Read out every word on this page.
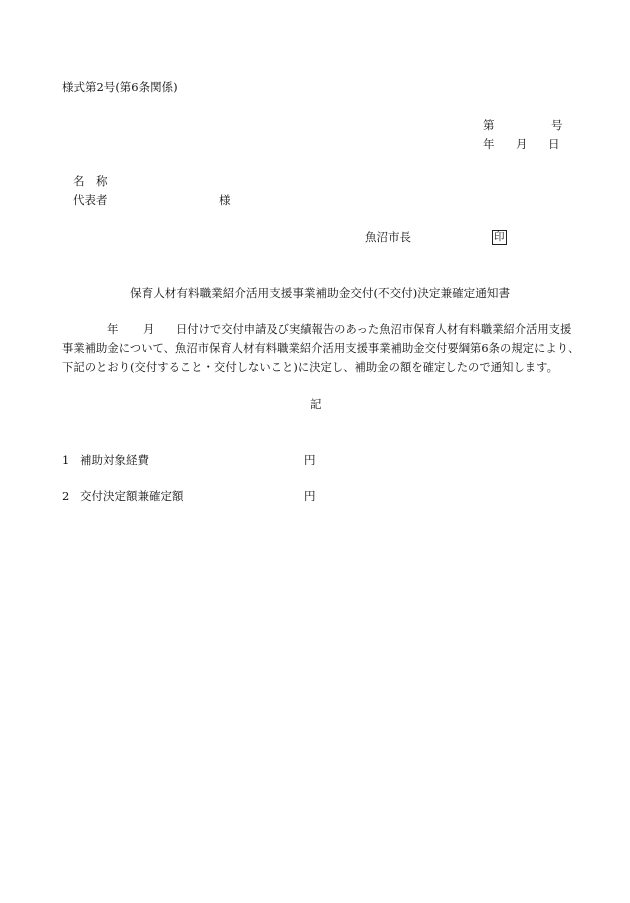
様式第2号(第6条関係)
第	号
年 月 日
名　称
代表者	様
魚沼市長	印
保育人材有料職業紹介活用支援事業補助金交付(不交付)決定兼確定通知書
年 月 日付けで交付申請及び実績報告のあった魚沼市保育人材有料職業紹介活用支援
事業補助金について、魚沼市保育人材有料職業紹介活用支援事業補助金交付要綱第6条の規定により、
下記のとおり(交付すること・交付しないこと)に決定し、補助金の額を確定したので通知します。
記
1 補助対象経費	円
2 交付決定額兼確定額	円
